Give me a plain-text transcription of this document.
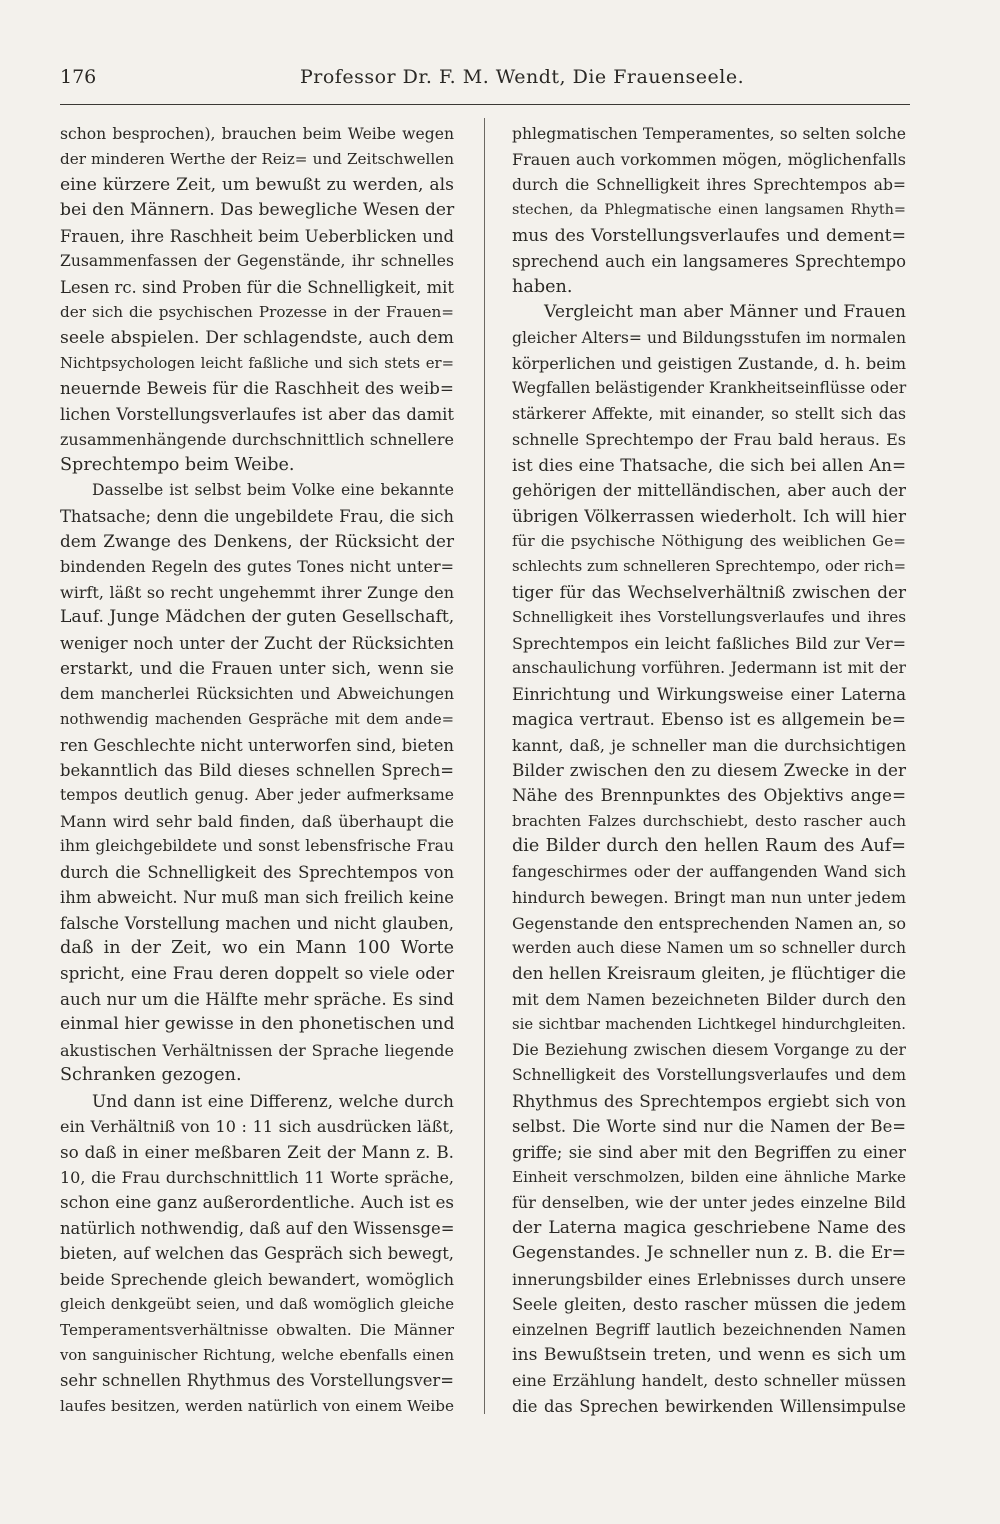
176	Professor Dr. F. M. Wendt, Die Frauenseele.
schon besprochen), brauchen beim Weibe wegen
der minderen Werthe der Reiz= und Zeitschwellen
eine kürzere Zeit, um bewußt zu werden, als
bei den Männern. Das bewegliche Wesen der
Frauen, ihre Raschheit beim Ueberblicken und
Zusammenfassen der Gegenstände, ihr schnelles
Lesen rc. sind Proben für die Schnelligkeit, mit
der sich die psychischen Prozesse in der Frauen=
seele abspielen. Der schlagendste, auch dem
Nichtpsychologen leicht faßliche und sich stets er=
neuernde Beweis für die Raschheit des weib=
lichen Vorstellungsverlaufes ist aber das damit
zusammenhängende durchschnittlich schnellere
Sprechtempo beim Weibe.
Dasselbe ist selbst beim Volke eine bekannte
Thatsache; denn die ungebildete Frau, die sich
dem Zwange des Denkens, der Rücksicht der
bindenden Regeln des gutes Tones nicht unter=
wirft, läßt so recht ungehemmt ihrer Zunge den
Lauf. Junge Mädchen der guten Gesellschaft,
weniger noch unter der Zucht der Rücksichten
erstarkt, und die Frauen unter sich, wenn sie
dem mancherlei Rücksichten und Abweichungen
nothwendig machenden Gespräche mit dem ande=
ren Geschlechte nicht unterworfen sind, bieten
bekanntlich das Bild dieses schnellen Sprech=
tempos deutlich genug. Aber jeder aufmerksame
Mann wird sehr bald finden, daß überhaupt die
ihm gleichgebildete und sonst lebensfrische Frau
durch die Schnelligkeit des Sprechtempos von
ihm abweicht. Nur muß man sich freilich keine
falsche Vorstellung machen und nicht glauben,
daß in der Zeit, wo ein Mann 100 Worte
spricht, eine Frau deren doppelt so viele oder
auch nur um die Hälfte mehr spräche. Es sind
einmal hier gewisse in den phonetischen und
akustischen Verhältnissen der Sprache liegende
Schranken gezogen.
Und dann ist eine Differenz, welche durch
ein Verhältniß von 10 : 11 sich ausdrücken läßt,
so daß in einer meßbaren Zeit der Mann z. B.
10, die Frau durchschnittlich 11 Worte spräche,
schon eine ganz außerordentliche. Auch ist es
natürlich nothwendig, daß auf den Wissensge=
bieten, auf welchen das Gespräch sich bewegt,
beide Sprechende gleich bewandert, womöglich
gleich denkgeübt seien, und daß womöglich gleiche
Temperamentsverhältnisse obwalten. Die Männer
von sanguinischer Richtung, welche ebenfalls einen
sehr schnellen Rhythmus des Vorstellungsver=
laufes besitzen, werden natürlich von einem Weibe
phlegmatischen Temperamentes, so selten solche
Frauen auch vorkommen mögen, möglichenfalls
durch die Schnelligkeit ihres Sprechtempos ab=
stechen, da Phlegmatische einen langsamen Rhyth=
mus des Vorstellungsverlaufes und dement=
sprechend auch ein langsameres Sprechtempo
haben.
Vergleicht man aber Männer und Frauen
gleicher Alters= und Bildungsstufen im normalen
körperlichen und geistigen Zustande, d. h. beim
Wegfallen belästigender Krankheitseinflüsse oder
stärkerer Affekte, mit einander, so stellt sich das
schnelle Sprechtempo der Frau bald heraus. Es
ist dies eine Thatsache, die sich bei allen An=
gehörigen der mittelländischen, aber auch der
übrigen Völkerrassen wiederholt. Ich will hier
für die psychische Nöthigung des weiblichen Ge=
schlechts zum schnelleren Sprechtempo, oder rich=
tiger für das Wechselverhältniß zwischen der
Schnelligkeit ihes Vorstellungsverlaufes und ihres
Sprechtempos ein leicht faßliches Bild zur Ver=
anschaulichung vorführen. Jedermann ist mit der
Einrichtung und Wirkungsweise einer Laterna
magica vertraut. Ebenso ist es allgemein be=
kannt, daß, je schneller man die durchsichtigen
Bilder zwischen den zu diesem Zwecke in der
Nähe des Brennpunktes des Objektivs ange=
brachten Falzes durchschiebt, desto rascher auch
die Bilder durch den hellen Raum des Auf=
fangeschirmes oder der auffangenden Wand sich
hindurch bewegen. Bringt man nun unter jedem
Gegenstande den entsprechenden Namen an, so
werden auch diese Namen um so schneller durch
den hellen Kreisraum gleiten, je flüchtiger die
mit dem Namen bezeichneten Bilder durch den
sie sichtbar machenden Lichtkegel hindurchgleiten.
Die Beziehung zwischen diesem Vorgange zu der
Schnelligkeit des Vorstellungsverlaufes und dem
Rhythmus des Sprechtempos ergiebt sich von
selbst. Die Worte sind nur die Namen der Be=
griffe; sie sind aber mit den Begriffen zu einer
Einheit verschmolzen, bilden eine ähnliche Marke
für denselben, wie der unter jedes einzelne Bild
der Laterna magica geschriebene Name des
Gegenstandes. Je schneller nun z. B. die Er=
innerungsbilder eines Erlebnisses durch unsere
Seele gleiten, desto rascher müssen die jedem
einzelnen Begriff lautlich bezeichnenden Namen
ins Bewußtsein treten, und wenn es sich um
eine Erzählung handelt, desto schneller müssen
die das Sprechen bewirkenden Willensimpulse
